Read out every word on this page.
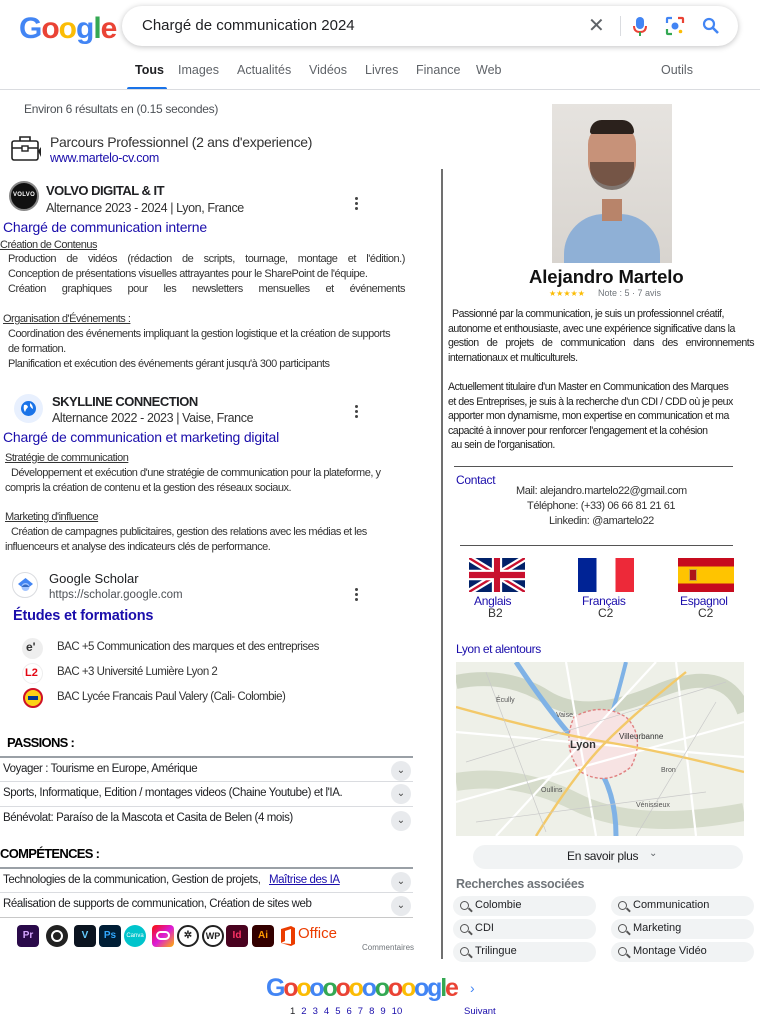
Google Chargé de communication 2024	✕
Tous Images Actualités Vidéos Livres Finance Web	Outils
Environ 6 résultats en (0.15 secondes)
Parcours Professionnel (2 ans d'experience)
www.martelo-cv.com
VOLVO VOLVO DIGITAL & IT
Alternance 2023 - 2024 | Lyon, France
Chargé de communication interne
Création de Contenus
Production de vidéos (rédaction de scripts, tournage, montage et l'édition.)
Conception de présentations visuelles attrayantes pour le SharePoint de l'équipe.
Création graphiques pour les newsletters mensuelles et événements
Organisation d'Événements :
Coordination des événements impliquant la gestion logistique et la création de supports
de formation.
Planification et exécution des événements gérant jusqu'à 300 participants
SKYLLINE CONNECTION
Alternance 2022 - 2023 | Vaise, France
Chargé de communication et marketing digital
Stratégie de communication
Développement et exécution d'une stratégie de communication pour la plateforme, y
compris la création de contenu et la gestion des réseaux sociaux.
Marketing d'influence
Création de campagnes publicitaires, gestion des relations avec les médias et les
influenceurs et analyse des indicateurs clés de performance.
Google Scholar
https://scholar.google.com
Études et formations
e' BAC +5 Communication des marques et des entreprises
L2 BAC +3 Université Lumière Lyon 2
BAC Lycée Francais Paul Valery (Cali- Colombie)
PASSIONS :
Voyager : Tourisme en Europe, Amérique	⌄
Sports, Informatique, Edition / montages videos (Chaine Youtube) et l'IA.	⌄
Bénévolat: Paraíso de la Mascota et Casita de Belen (4 mois)	⌄
COMPÉTENCES :
Technologies de la communication, Gestion de projets, Maîtrise des IA	⌄
Réalisation de supports de communication, Création de sites web	⌄
Pr	V	Ps	Canva	✲	WP	Id	Ai	Office
Commentaires
Alejandro Martelo
★★★★★ Note : 5 · 7 avis
Passionné par la communication, je suis un professionnel créatif,
autonome et enthousiaste, avec une expérience significative dans la
gestion de projets de communication dans des environnements
internationaux et multiculturels.
Actuellement titulaire d'un Master en Communication des Marques
et des Entreprises, je suis à la recherche d'un CDI / CDD où je peux
apporter mon dynamisme, mon expertise en communication et ma
capacité à innover pour renforcer l'engagement et la cohésion
au sein de l'organisation.
Contact
Mail: alejandro.martelo22@gmail.com
Téléphone: (+33) 06 66 81 21 61
Linkedin: @amartelo22
Anglais
B2
Français
C2
Espagnol
C2
Lyon et alentours
Lyon
Villeurbanne
Vaise
Bron
Oullins
Vénissieux
Écully
En savoir plus ⌄
Recherches associées
Colombie	Communication
CDI	Marketing
Trilingue	Montage Vidéo
Gooooooooooogle ›
1 2 3 4 5 6 7 8 9 10	Suivant
